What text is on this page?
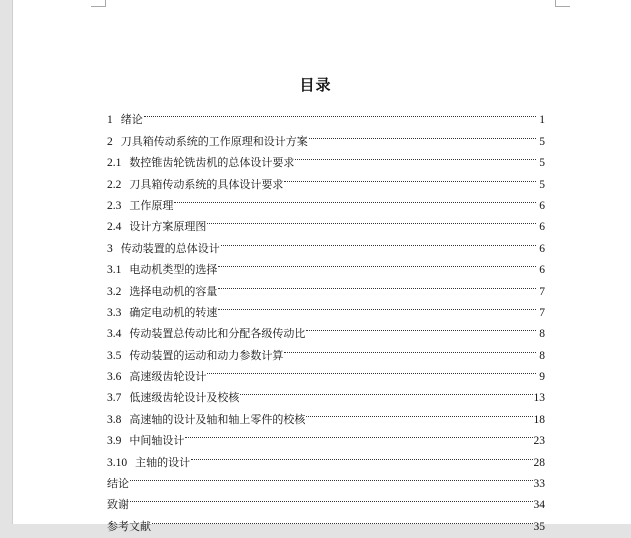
目录
1 绪论	1
2 刀具箱传动系统的工作原理和设计方案	5
2.1 数控锥齿轮铣齿机的总体设计要求	5
2.2 刀具箱传动系统的具体设计要求	5
2.3 工作原理	6
2.4 设计方案原理图	6
3 传动装置的总体设计	6
3.1 电动机类型的选择	6
3.2 选择电动机的容量	7
3.3 确定电动机的转速	7
3.4 传动装置总传动比和分配各级传动比	8
3.5 传动装置的运动和动力参数计算	8
3.6 高速级齿轮设计	9
3.7 低速级齿轮设计及校核	13
3.8 高速轴的设计及轴和轴上零件的校核	18
3.9 中间轴设计	23
3.10 主轴的设计	28
结论	33
致谢	34
参考文献	35
